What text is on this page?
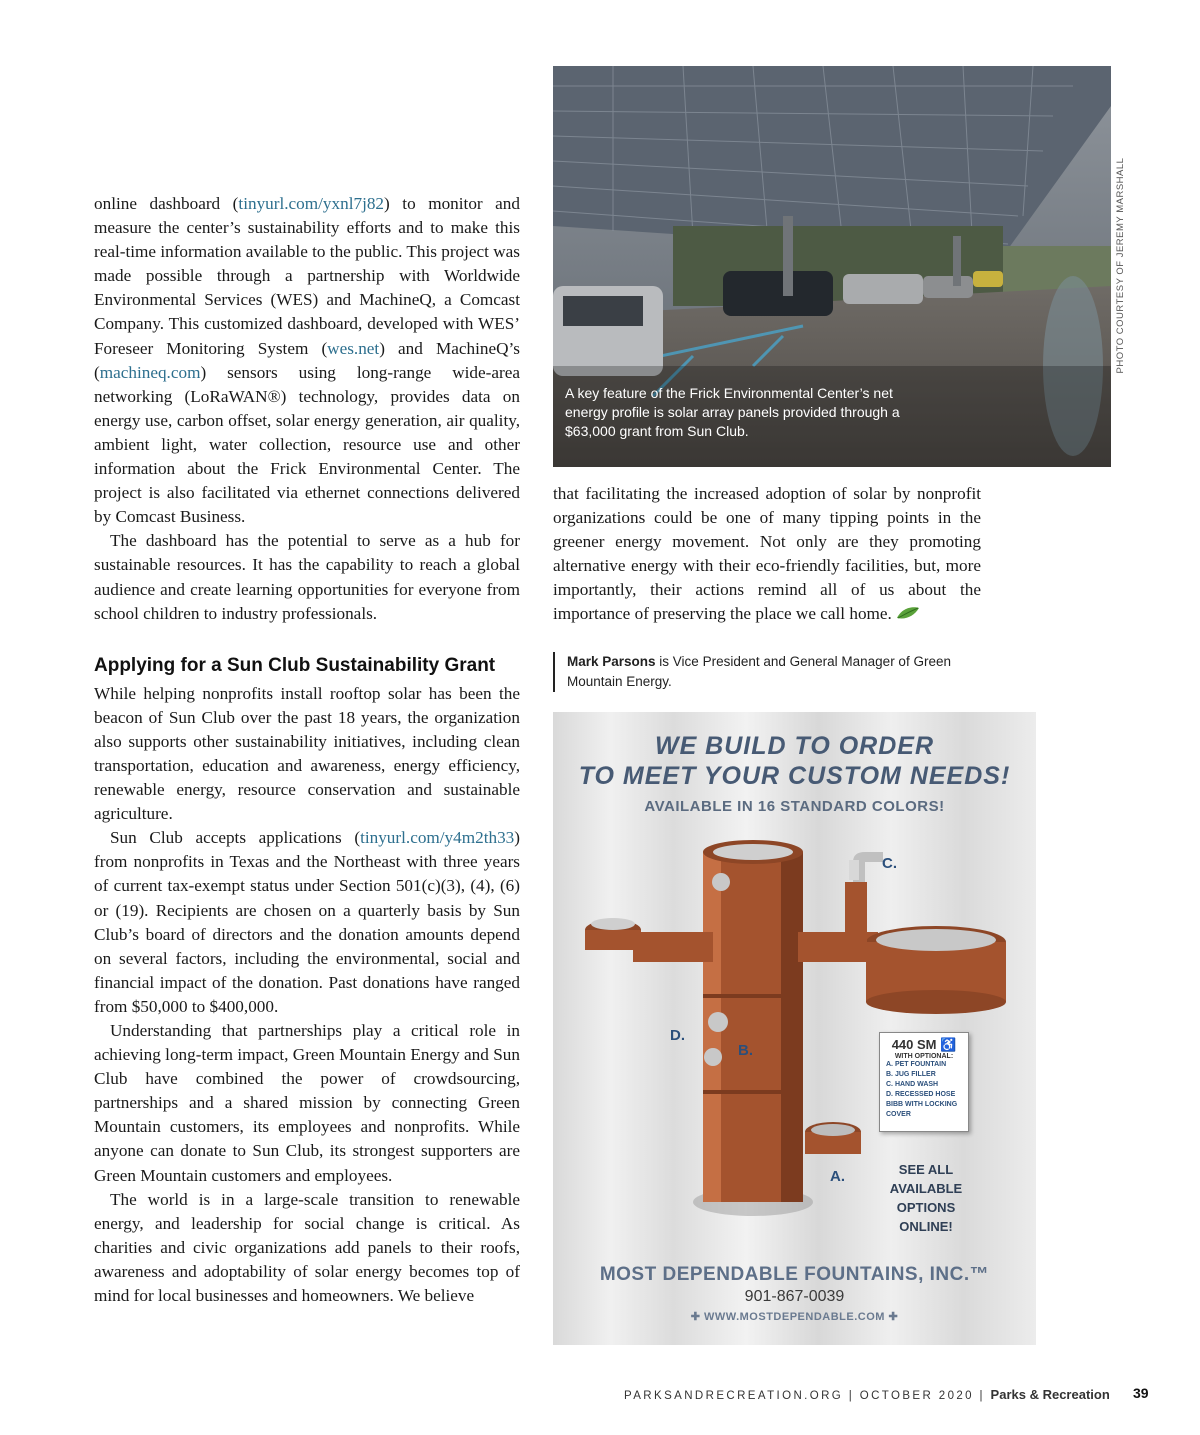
online dashboard (tinyurl.com/yxnl7j82) to monitor and measure the center’s sustainability efforts and to make this real-time information available to the public. This project was made possible through a partnership with Worldwide Environmental Services (WES) and MachineQ, a Comcast Company. This customized dashboard, developed with WES’ Foreseer Monitoring System (wes.net) and MachineQ’s (machineq.com) sensors using long-range wide-area networking (LoRaWAN®) technology, provides data on energy use, carbon offset, solar energy generation, air quality, ambient light, water collection, resource use and other information about the Frick Environmental Center. The project is also facilitated via ethernet connections delivered by Comcast Business.

The dashboard has the potential to serve as a hub for sustainable resources. It has the capability to reach a global audience and create learning opportunities for everyone from school children to industry professionals.

Applying for a Sun Club Sustainability Grant

While helping nonprofits install rooftop solar has been the beacon of Sun Club over the past 18 years, the organization also supports other sustainability initiatives, including clean transportation, education and awareness, energy efficiency, renewable energy, resource conservation and sustainable agriculture.

Sun Club accepts applications (tinyurl.com/y4m2th33) from nonprofits in Texas and the Northeast with three years of current tax-exempt status under Section 501(c)(3), (4), (6) or (19). Recipients are chosen on a quarterly basis by Sun Club’s board of directors and the donation amounts depend on several factors, including the environmental, social and financial impact of the donation. Past donations have ranged from $50,000 to $400,000.

Understanding that partnerships play a critical role in achieving long-term impact, Green Mountain Energy and Sun Club have combined the power of crowdsourcing, partnerships and a shared mission by connecting Green Mountain customers, its employees and nonprofits. While anyone can donate to Sun Club, its strongest supporters are Green Mountain customers and employees.

The world is in a large-scale transition to renewable energy, and leadership for social change is critical. As charities and civic organizations add panels to their roofs, awareness and adoptability of solar energy becomes top of mind for local businesses and homeowners. We believe

A key feature of the Frick Environmental Center’s net energy profile is solar array panels provided through a $63,000 grant from Sun Club.
PHOTO COURTESY OF JEREMY MARSHALL

that facilitating the increased adoption of solar by nonprofit organizations could be one of many tipping points in the greener energy movement. Not only are they promoting alternative energy with their eco-friendly facilities, but, more importantly, their actions remind all of us about the importance of preserving the place we call home.

Mark Parsons is Vice President and General Manager of Green Mountain Energy.
WE BUILD TO ORDER
TO MEET YOUR CUSTOM NEEDS!
AVAILABLE IN 16 STANDARD COLORS!
C.
D.
B.
A.
440 SM ♿
WITH OPTIONAL:
A. PET FOUNTAIN
B. JUG FILLER
C. HAND WASH
D. RECESSED HOSE BIBB WITH LOCKING COVER
SEE ALL
AVAILABLE
OPTIONS
ONLINE!
MOST DEPENDABLE FOUNTAINS, INC.™
901-867-0039
✚ WWW.MOSTDEPENDABLE.COM ✚
PARKSANDRECREATION.ORG | OCTOBER 2020 | Parks & Recreation 39
